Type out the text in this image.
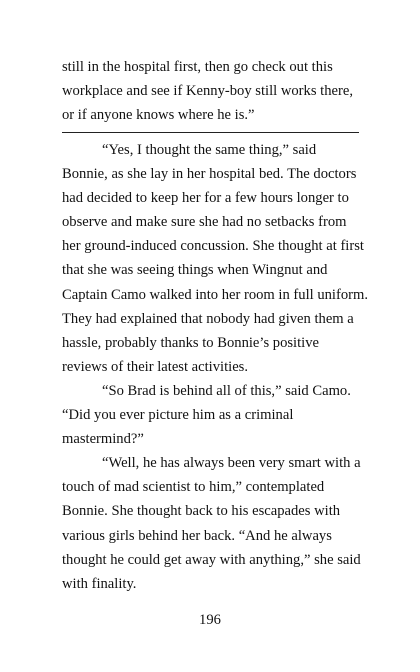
still in the hospital first, then go check out this
workplace and see if Kenny-boy still works there,
or if anyone knows where he is.”
“Yes, I thought the same thing,” said
Bonnie, as she lay in her hospital bed. The doctors
had decided to keep her for a few hours longer to
observe and make sure she had no setbacks from
her ground-induced concussion. She thought at first
that she was seeing things when Wingnut and
Captain Camo walked into her room in full uniform.
They had explained that nobody had given them a
hassle, probably thanks to Bonnie’s positive
reviews of their latest activities.
“So Brad is behind all of this,” said Camo.
“Did you ever picture him as a criminal
mastermind?”
“Well, he has always been very smart with a
touch of mad scientist to him,” contemplated
Bonnie. She thought back to his escapades with
various girls behind her back. “And he always
thought he could get away with anything,” she said
with finality.
196
